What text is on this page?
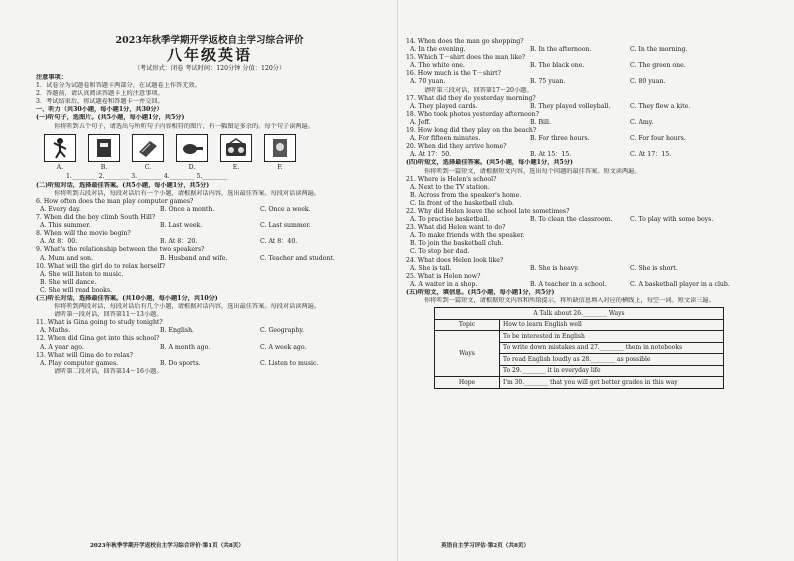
2023年秋季学期开学返校自主学习综合评价
八年级英语
（考试形式：闭卷 考试时间：120分钟 分值：120分）
注意事项：
1．试卷分为试题卷和答题卡两部分，在试题卷上作答无效。
2．答题前，请认真阅读答题卡上的注意事项。
3．考试结束后，将试题卷和答题卡一并交回。
一、听力（共30小题，每小题1分，共30分）
(一)听句子，选图片。(共5小题，每小题1分，共5分)
你将听到五个句子，请选出与所听句子内容相符的图片，有一幅图是多余的。每个句子读两遍。
A.	B.	C.	D.	E.	F.
1.________ 2.________ 3.________ 4.________ 5.________
(二)听短对话，选择最佳答案。(共5小题，每小题1分，共5分)
你将听到五段对话，每段对话后有一个小题，请根据对话内容，选出最佳答案。每段对话读两遍。
6. How often does the man play computer games?
A. Every day.	B. Once a month.	C. Once a week.
7. When did the boy climb South Hill?
A. This summer.	B. Last week.	C. Last summer.
8. When will the movie begin?
A. At 8：00.	B. At 8：20.	C. At 8：40.
9. What's the relationship between the two speakers?
A. Mum and son.	B. Husband and wife.	C. Teacher and student.
10. What will the girl do to relax herself?
A. She will listen to music.
B. She will dance.
C. She will read books.
(三)听长对话，选择最佳答案。(共10小题，每小题1分，共10分)
你将听到两段对话，每段对话后有几个小题，请根据对话内容，选出最佳答案。每段对话读两遍。
请听第一段对话，回答第11～13小题。
11. What is Gina going to study tonight?
A. Maths.	B. English.	C. Geography.
12. When did Gina get into this school?
A. A year ago.	B. A month ago.	C. A week ago.
13. What will Gina do to relax?
A. Play computer games.	B. Do sports.	C. Listen to music.
请听第二段对话，回答第14～16小题。
2023年秋季学期开学返校自主学习综合评价·第1页（共8页）
14. When does the man go shopping?
A. In the evening.	B. In the afternoon.	C. In the morning.
15. Which T－shirt does the man like?
A. The white one.	B. The black one.	C. The green one.
16. How much is the T－shirt?
A. 70 yuan.	B. 75 yuan.	C. 80 yuan.
请听第三段对话，回答第17～20小题。
17. What did they do yesterday morning?
A. They played cards.	B. They played volleyball.	C. They flew a kite.
18. Who took photos yesterday afternoon?
A. Jeff.	B. Bill.	C. Amy.
19. How long did they play on the beach?
A. For fifteen minutes.	B. For three hours.	C. For four hours.
20. When did they arrive home?
A. At 17：50.	B. At 15：15.	C. At 17：15.
(四)听短文，选择最佳答案。(共5小题，每小题1分，共5分)
你将听到一篇短文，请根据短文内容，选出每个问题的最佳答案。短文读两遍。
21. Where is Helen's school?
A. Next to the TV station.
B. Across from the speaker's home.
C. In front of the basketball club.
22. Why did Helen leave the school late sometimes?
A. To practise basketball.	B. To clean the classroom.	C. To play with some boys.
23. What did Helen want to do?
A. To make friends with the speaker.
B. To join the basketball club.
C. To stop her dad.
24. What does Helen look like?
A. She is tall.	B. She is heavy.	C. She is short.
25. What is Helen now?
A. A waiter in a shop.	B. A teacher in a school.	C. A basketball player in a club.
(五)听短文，填信息。(共5小题，每小题1分，共5分)
你将听到一篇短文，请根据短文内容和所给提示，将所缺信息填入对应的横线上，每空一词。短文读三遍。
A Talk about 26.________ Ways	
Topic	How to learn English well
Ways	To be interested in English
	To write down mistakes and 27.________ them in notebooks
	To read English loudly as 28.________ as possible
	To 29.________ it in everyday life
Hope	I'm 30.________ that you will get better grades in this way
英语自主学习评估·第2页（共8页）
